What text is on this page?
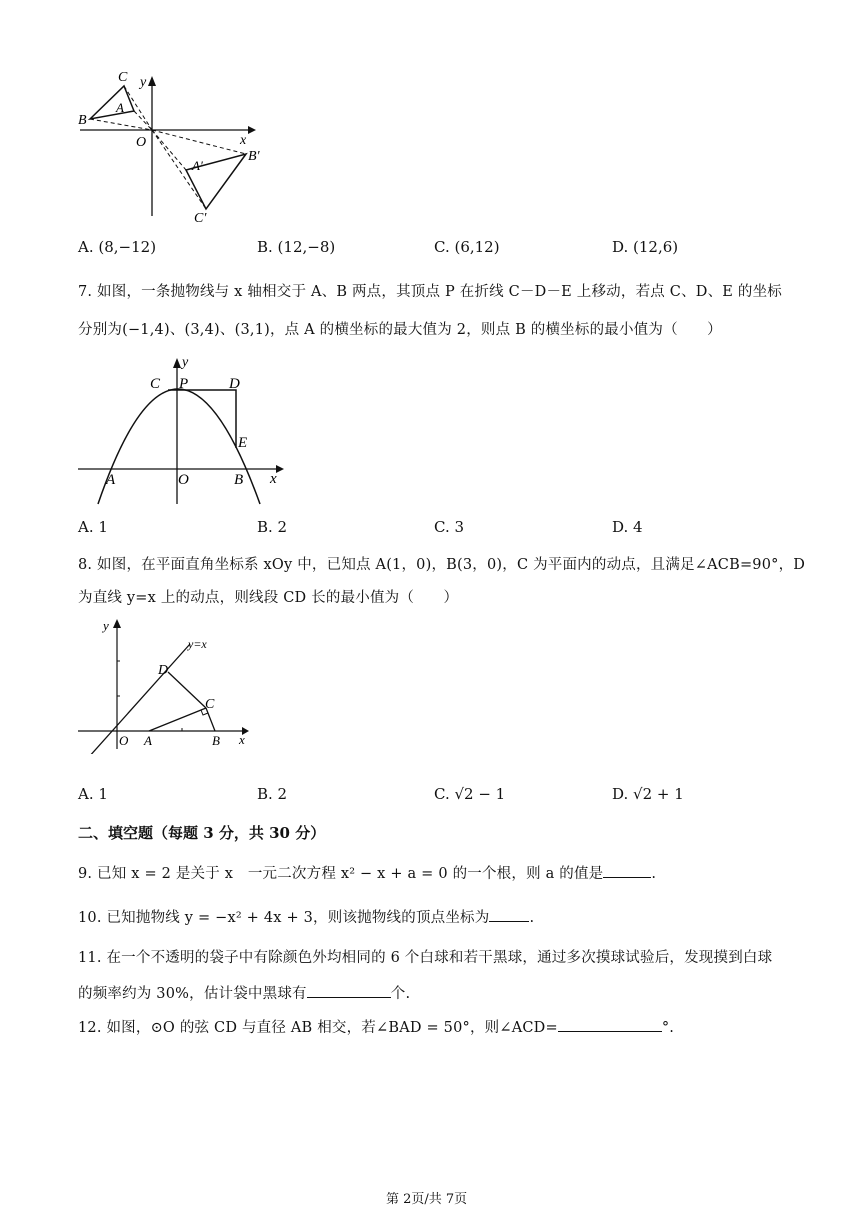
C y
A
B
O	x
A′
B′
C′
A. (8,−12)	B. (12,−8)	C. (6,12)	D. (12,6)
7. 如图，一条抛物线与 x 轴相交于 A、B 两点，其顶点 P 在折线 C－D－E 上移动，若点 C、D、E 的坐标
分别为(−1,4)、(3,4)、(3,1)，点 A 的横坐标的最大值为 2，则点 B 的横坐标的最小值为（　　）
y
C P	D
E
A	O	B x
A. 1	B. 2	C. 3	D. 4
8. 如图，在平面直角坐标系 xOy 中，已知点 A(1，0)，B(3，0)，C 为平面内的动点，且满足∠ACB=90°，D
为直线 y=x 上的动点，则线段 CD 长的最小值为（　　）
y
y=x
D
C
O A	B x
A. 1	B. 2	C. √2 − 1	D. √2 + 1
二、填空题（每题 3 分，共 30 分）
9. 已知 x = 2 是关于 x　一元二次方程 x² − x + a = 0 的一个根，则 a 的值是	.
10. 已知抛物线 y = −x² + 4x + 3，则该抛物线的顶点坐标为	.
11. 在一个不透明的袋子中有除颜色外均相同的 6 个白球和若干黑球，通过多次摸球试验后，发现摸到白球
的频率约为 30%，估计袋中黑球有	个.
12. 如图，⊙O 的弦 CD 与直径 AB 相交，若∠BAD = 50°，则∠ACD=	°.
第 2页/共 7页
